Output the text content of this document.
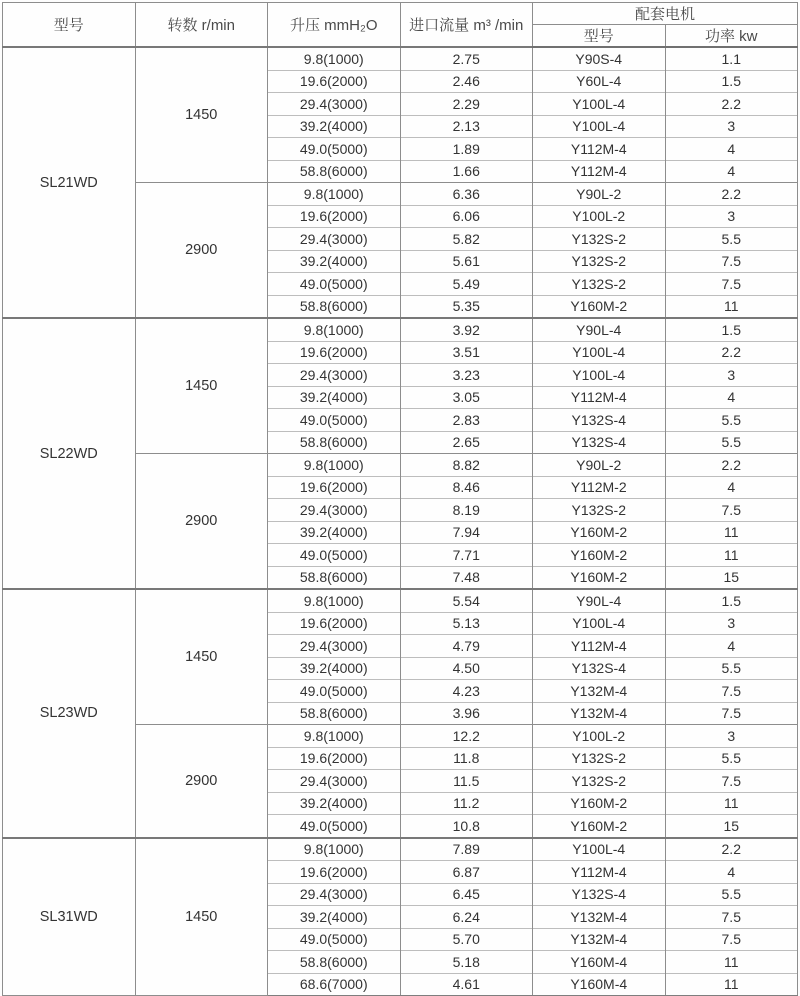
型号	转数 r/min	升压 mmH₂O	进口流量 m³ /min	配套电机	
				型号	功率 kw
SL21WD	1450	9.8(1000)	2.75	Y90S-4	1.1
		19.6(2000)	2.46	Y60L-4	1.5
		29.4(3000)	2.29	Y100L-4	2.2
		39.2(4000)	2.13	Y100L-4	3
		49.0(5000)	1.89	Y112M-4	4
		58.8(6000)	1.66	Y112M-4	4
	2900	9.8(1000)	6.36	Y90L-2	2.2
		19.6(2000)	6.06	Y100L-2	3
		29.4(3000)	5.82	Y132S-2	5.5
		39.2(4000)	5.61	Y132S-2	7.5
		49.0(5000)	5.49	Y132S-2	7.5
		58.8(6000)	5.35	Y160M-2	11
SL22WD	1450	9.8(1000)	3.92	Y90L-4	1.5
		19.6(2000)	3.51	Y100L-4	2.2
		29.4(3000)	3.23	Y100L-4	3
		39.2(4000)	3.05	Y112M-4	4
		49.0(5000)	2.83	Y132S-4	5.5
		58.8(6000)	2.65	Y132S-4	5.5
	2900	9.8(1000)	8.82	Y90L-2	2.2
		19.6(2000)	8.46	Y112M-2	4
		29.4(3000)	8.19	Y132S-2	7.5
		39.2(4000)	7.94	Y160M-2	11
		49.0(5000)	7.71	Y160M-2	11
		58.8(6000)	7.48	Y160M-2	15
SL23WD	1450	9.8(1000)	5.54	Y90L-4	1.5
		19.6(2000)	5.13	Y100L-4	3
		29.4(3000)	4.79	Y112M-4	4
		39.2(4000)	4.50	Y132S-4	5.5
		49.0(5000)	4.23	Y132M-4	7.5
		58.8(6000)	3.96	Y132M-4	7.5
	2900	9.8(1000)	12.2	Y100L-2	3
		19.6(2000)	11.8	Y132S-2	5.5
		29.4(3000)	11.5	Y132S-2	7.5
		39.2(4000)	11.2	Y160M-2	11
		49.0(5000)	10.8	Y160M-2	15
SL31WD	1450	9.8(1000)	7.89	Y100L-4	2.2
		19.6(2000)	6.87	Y112M-4	4
		29.4(3000)	6.45	Y132S-4	5.5
		39.2(4000)	6.24	Y132M-4	7.5
		49.0(5000)	5.70	Y132M-4	7.5
		58.8(6000)	5.18	Y160M-4	11
		68.6(7000)	4.61	Y160M-4	11
